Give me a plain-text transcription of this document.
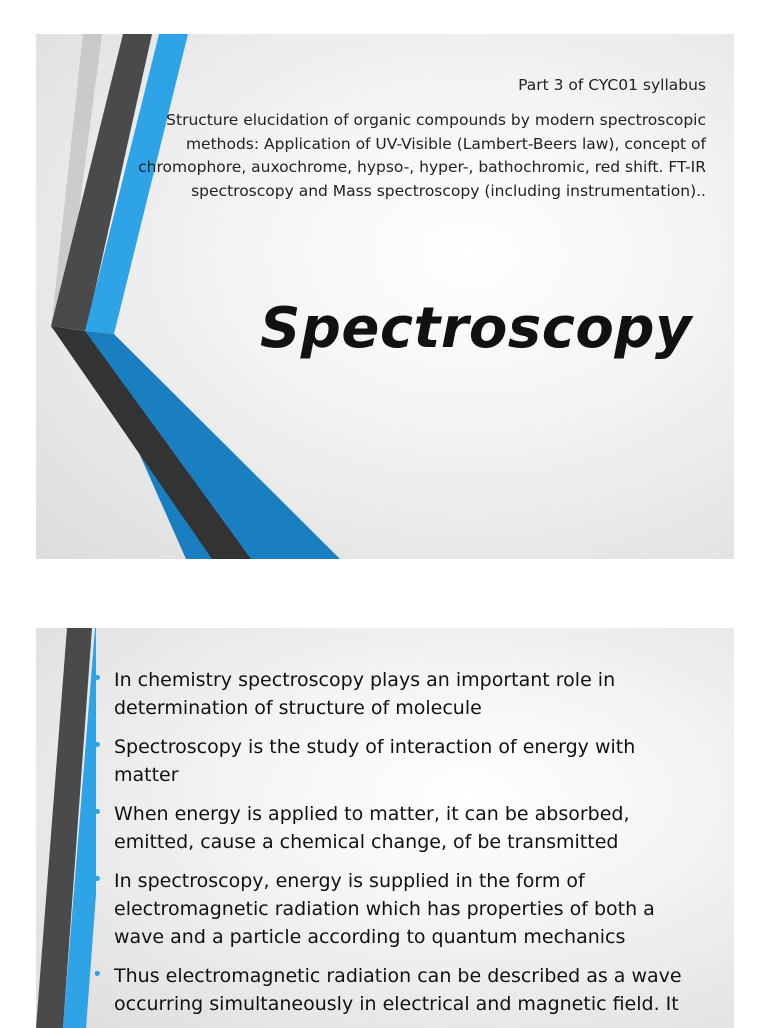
Part 3 of CYC01 syllabus

Structure elucidation of organic compounds by modern spectroscopic methods: Application of UV-Visible (Lambert-Beers law), concept of chromophore, auxochrome, hypso-, hyper-, bathochromic, red shift. FT-IR spectroscopy and Mass spectroscopy (including instrumentation)..

Spectroscopy
• In chemistry spectroscopy plays an important role in determination of structure of molecule
• Spectroscopy is the study of interaction of energy with matter
• When energy is applied to matter, it can be absorbed, emitted, cause a chemical change, of be transmitted
• In spectroscopy, energy is supplied in the form of electromagnetic radiation which has properties of both a wave and a particle according to quantum mechanics
• Thus electromagnetic radiation can be described as a wave occurring simultaneously in electrical and magnetic field. It
